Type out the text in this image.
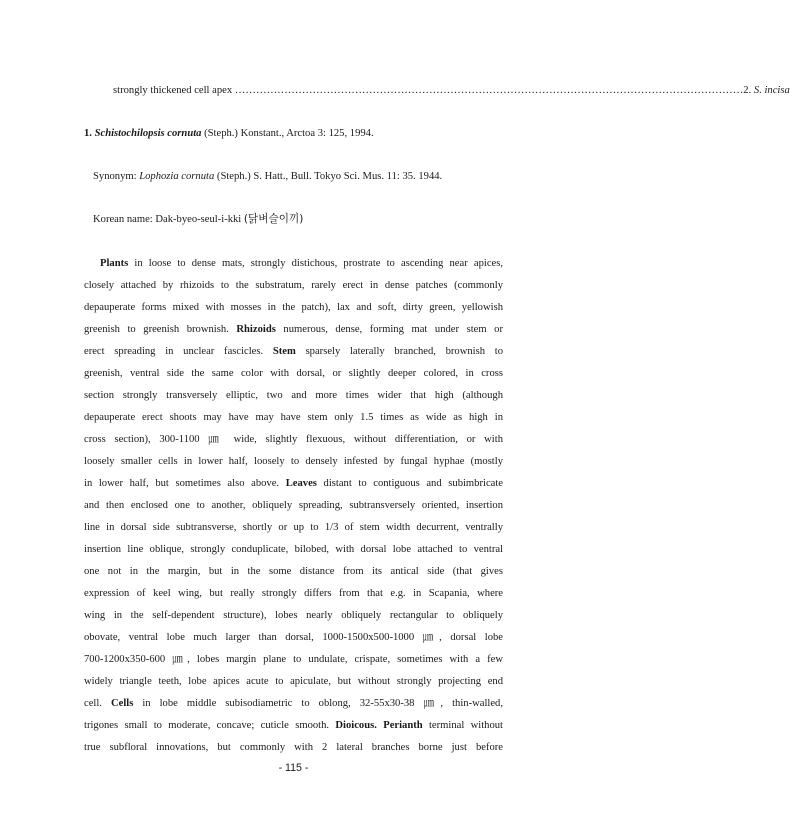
strongly thickened cell apex ………………………………………………………………………………………………………………………………2. S. incisa
1. Schistochilopsis cornuta (Steph.) Konstant., Arctoa 3: 125, 1994.
Synonym: Lophozia cornuta (Steph.) S. Hatt., Bull. Tokyo Sci. Mus. 11: 35. 1944.
Korean name: Dak-byeo-seul-i-kki (닭벼슬이끼)
Plants in loose to dense mats, strongly distichous, prostrate to ascending near apices,
closely attached by rhizoids to the substratum, rarely erect in dense patches (commonly
depauperate forms mixed with mosses in the patch), lax and soft, dirty green, yellowish
greenish to greenish brownish. Rhizoids numerous, dense, forming mat under stem or
erect spreading in unclear fascicles. Stem sparsely laterally branched, brownish to
greenish, ventral side the same color with dorsal, or slightly deeper colored, in cross
section strongly transversely elliptic, two and more times wider that high (although
depauperate erect shoots may have may have stem only 1.5 times as wide as high in
cross section), 300-1100 ㎛ wide, slightly flexuous, without differentiation, or with
loosely smaller cells in lower half, loosely to densely infested by fungal hyphae (mostly
in lower half, but sometimes also above. Leaves distant to contiguous and subimbricate
and then enclosed one to another, obliquely spreading, subtransversely oriented, insertion
line in dorsal side subtransverse, shortly or up to 1/3 of stem width decurrent, ventrally
insertion line oblique, strongly conduplicate, bilobed, with dorsal lobe attached to ventral
one not in the margin, but in the some distance from its antical side (that gives
expression of keel wing, but really strongly differs from that e.g. in Scapania, where
wing in the self-dependent structure), lobes nearly obliquely rectangular to obliquely
obovate, ventral lobe much larger than dorsal, 1000-1500x500-1000 ㎛, dorsal lobe
700-1200x350-600 ㎛, lobes margin plane to undulate, crispate, sometimes with a few
widely triangle teeth, lobe apices acute to apiculate, but without strongly projecting end
cell. Cells in lobe middle subisodiametric to oblong, 32-55x30-38 ㎛, thin-walled,
trigones small to moderate, concave; cuticle smooth. Dioicous. Perianth terminal without
true subfloral innovations, but commonly with 2 lateral branches borne just before
- 115 -
